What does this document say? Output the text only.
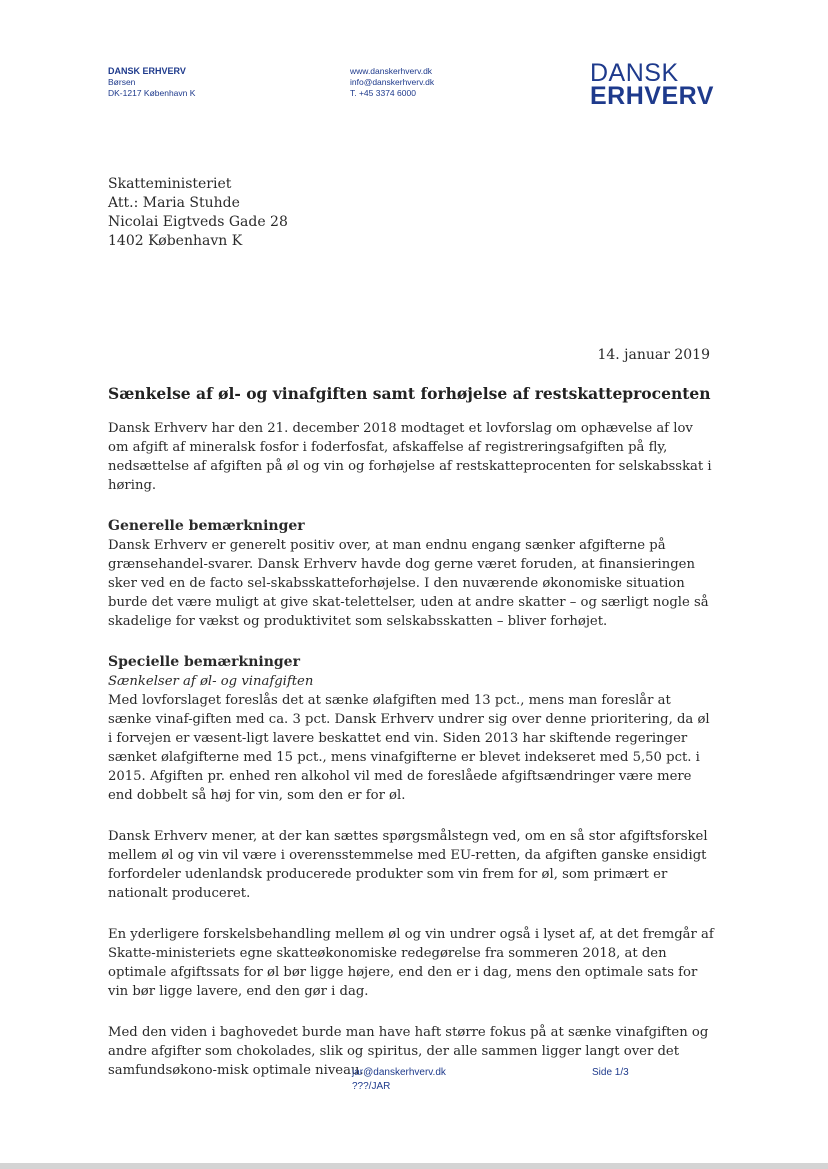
DANSK ERHVERV
Børsen
DK-1217 København K
www.danskerhverv.dk
info@danskerhverv.dk
T. +45 3374 6000
DANSK
ERHVERV
Skatteministeriet
Att.: Maria Stuhde
Nicolai Eigtveds Gade 28
1402 København K
14. januar 2019
Sænkelse af øl- og vinafgiften samt forhøjelse af restskatteprocenten

Dansk Erhverv har den 21. december 2018 modtaget et lovforslag om ophævelse af lov om afgift af mineralsk fosfor i foderfosfat, afskaffelse af registreringsafgiften på fly, nedsættelse af afgiften på øl og vin og forhøjelse af restskatteprocenten for selskabsskat i høring.

Generelle bemærkninger

Dansk Erhverv er generelt positiv over, at man endnu engang sænker afgifterne på grænsehandel-svarer. Dansk Erhverv havde dog gerne været foruden, at finansieringen sker ved en de facto sel-skabsskatteforhøjelse. I den nuværende økonomiske situation burde det være muligt at give skat-telettelser, uden at andre skatter – og særligt nogle så skadelige for vækst og produktivitet som selskabsskatten – bliver forhøjet.

Specielle bemærkninger

Sænkelser af øl- og vinafgiften

Med lovforslaget foreslås det at sænke ølafgiften med 13 pct., mens man foreslår at sænke vinaf-giften med ca. 3 pct. Dansk Erhverv undrer sig over denne prioritering, da øl i forvejen er væsent-ligt lavere beskattet end vin. Siden 2013 har skiftende regeringer sænket ølafgifterne med 15 pct., mens vinafgifterne er blevet indekseret med 5,50 pct. i 2015. Afgiften pr. enhed ren alkohol vil med de foreslåede afgiftsændringer være mere end dobbelt så høj for vin, som den er for øl.

Dansk Erhverv mener, at der kan sættes spørgsmålstegn ved, om en så stor afgiftsforskel mellem øl og vin vil være i overensstemmelse med EU-retten, da afgiften ganske ensidigt forfordeler udenlandsk producerede produkter som vin frem for øl, som primært er nationalt produceret.

En yderligere forskelsbehandling mellem øl og vin undrer også i lyset af, at det fremgår af Skatte-ministeriets egne skatteøkonomiske redegørelse fra sommeren 2018, at den optimale afgiftssats for øl bør ligge højere, end den er i dag, mens den optimale sats for vin bør ligge lavere, end den gør i dag.

Med den viden i baghovedet burde man have haft større fokus på at sænke vinafgiften og andre afgifter som chokolades, slik og spiritus, der alle sammen ligger langt over det samfundsøkono-misk optimale niveau.

jar@danskerhverv.dk
???/JAR
Side 1/3
